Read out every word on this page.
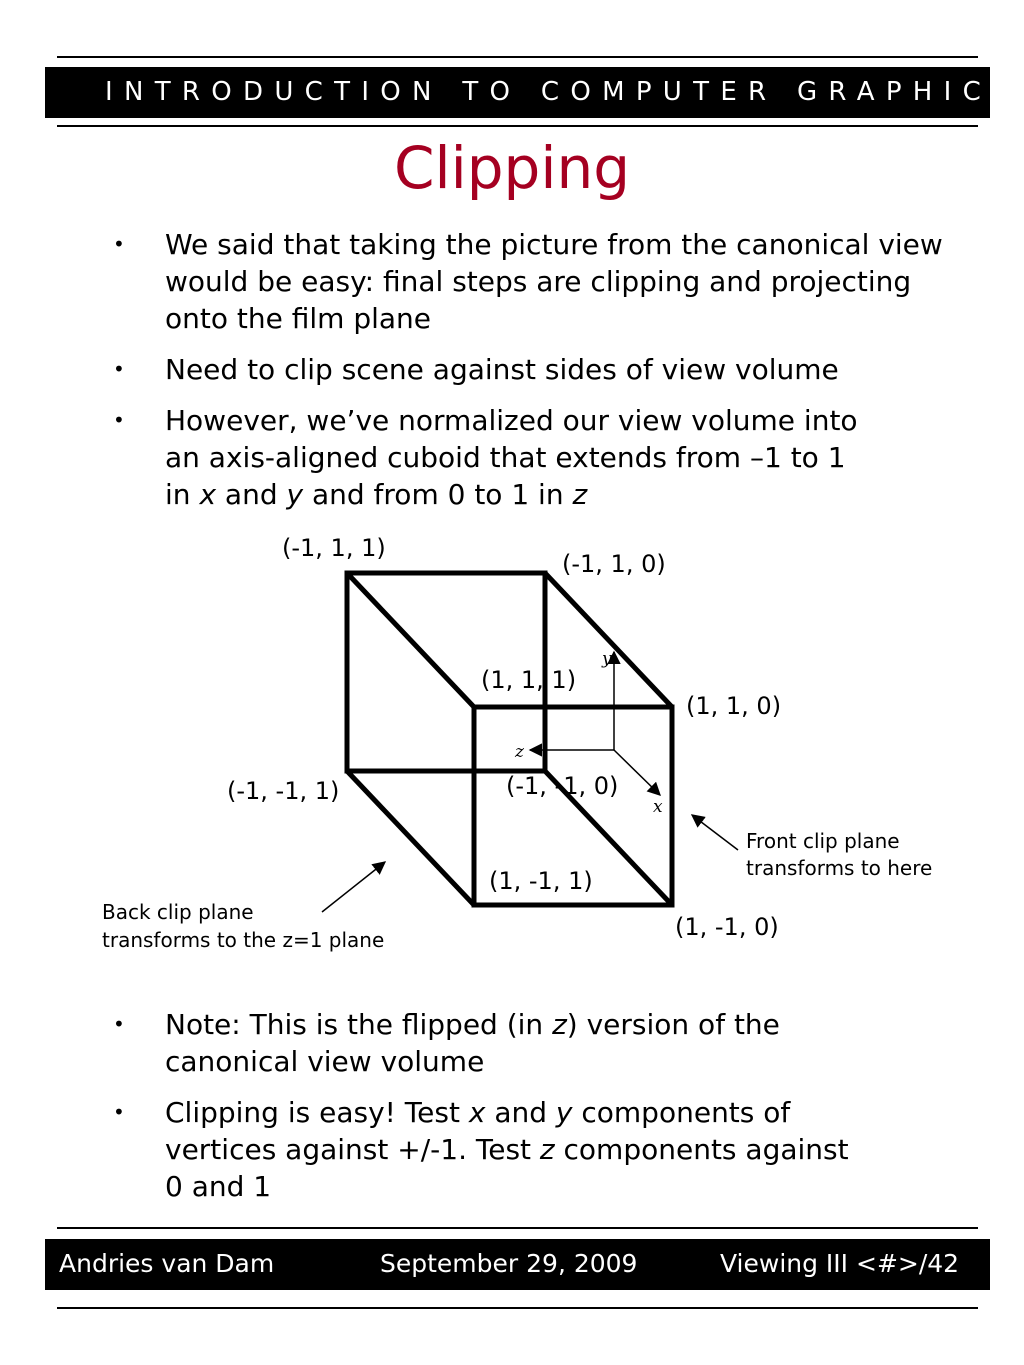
INTRODUCTION TO COMPUTER GRAPHICS
Clipping
• We said that taking the picture from the canonical view would be easy: final steps are clipping and projecting onto the film plane
• Need to clip scene against sides of view volume
• However, we’ve normalized our view volume into
an axis-aligned cuboid that extends from –1 to 1
in x and y and from 0 to 1 in z
y
z
x
(-1, 1, 1)
(-1, 1, 0)
(1, 1, 1)
(1, 1, 0)
(-1, -1, 1)	(-1, -1, 0)
(1, -1, 1)
(1, -1, 0)
Front clip plane
transforms to here
Back clip plane
transforms to the z=1 plane
• Note: This is the flipped (in z) version of the
canonical view volume
• Clipping is easy! Test x and y components of
vertices against +/-1. Test z components against
0 and 1
Andries van Dam	September 29, 2009	Viewing III <#>/42
